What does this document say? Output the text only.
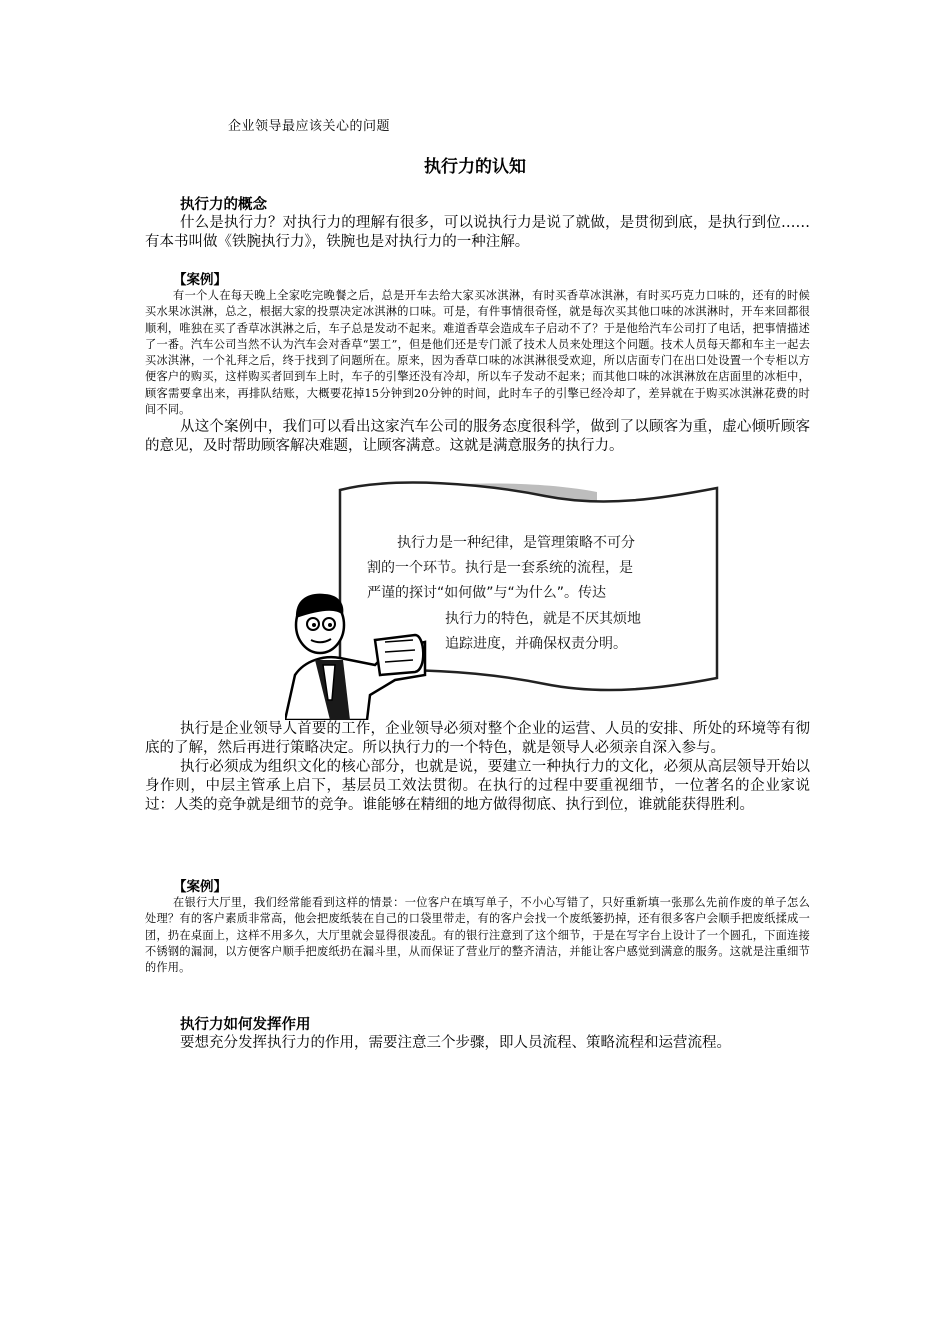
企业领导最应该关心的问题
执行力的认知
执行力的概念

什么是执行力？对执行力的理解有很多，可以说执行力是说了就做，是贯彻到底，是执行到位……有本书叫做《铁腕执行力》，铁腕也是对执行力的一种注解。

【案例】

有一个人在每天晚上全家吃完晚餐之后，总是开车去给大家买冰淇淋，有时买香草冰淇淋，有时买巧克力口味的，还有的时候买水果冰淇淋，总之，根据大家的投票决定冰淇淋的口味。可是，有件事情很奇怪，就是每次买其他口味的冰淇淋时，开车来回都很顺利，唯独在买了香草冰淇淋之后，车子总是发动不起来。难道香草会造成车子启动不了？于是他给汽车公司打了电话，把事情描述了一番。汽车公司当然不认为汽车会对香草“罢工”，但是他们还是专门派了技术人员来处理这个问题。技术人员每天都和车主一起去买冰淇淋，一个礼拜之后，终于找到了问题所在。原来，因为香草口味的冰淇淋很受欢迎，所以店面专门在出口处设置一个专柜以方便客户的购买，这样购买者回到车上时，车子的引擎还没有冷却，所以车子发动不起来；而其他口味的冰淇淋放在店面里的冰柜中，顾客需要拿出来，再排队结账，大概要花掉15分钟到20分钟的时间，此时车子的引擎已经冷却了，差异就在于购买冰淇淋花费的时间不同。

从这个案例中，我们可以看出这家汽车公司的服务态度很科学，做到了以顾客为重，虚心倾听顾客的意见，及时帮助顾客解决难题，让顾客满意。这就是满意服务的执行力。

执行力是一种纪律，是管理策略不可分
割的一个环节。执行是一套系统的流程，是
严谨的探讨“如何做”与“为什么”。传达
执行力的特色，就是不厌其烦地
追踪进度，并确保权责分明。

执行是企业领导人首要的工作，企业领导必须对整个企业的运营、人员的安排、所处的环境等有彻底的了解，然后再进行策略决定。所以执行力的一个特色，就是领导人必须亲自深入参与。

执行必须成为组织文化的核心部分，也就是说，要建立一种执行力的文化，必须从高层领导开始以身作则，中层主管承上启下，基层员工效法贯彻。在执行的过程中要重视细节，一位著名的企业家说过：人类的竞争就是细节的竞争。谁能够在精细的地方做得彻底、执行到位，谁就能获得胜利。

【案例】

在银行大厅里，我们经常能看到这样的情景：一位客户在填写单子，不小心写错了，只好重新填一张那么先前作废的单子怎么处理？有的客户素质非常高，他会把废纸装在自己的口袋里带走，有的客户会找一个废纸篓扔掉，还有很多客户会顺手把废纸揉成一团，扔在桌面上，这样不用多久，大厅里就会显得很凌乱。有的银行注意到了这个细节，于是在写字台上设计了一个圆孔，下面连接不锈钢的漏洞，以方便客户顺手把废纸扔在漏斗里，从而保证了营业厅的整齐清洁，并能让客户感觉到满意的服务。这就是注重细节的作用。

执行力如何发挥作用

要想充分发挥执行力的作用，需要注意三个步骤，即人员流程、策略流程和运营流程。
